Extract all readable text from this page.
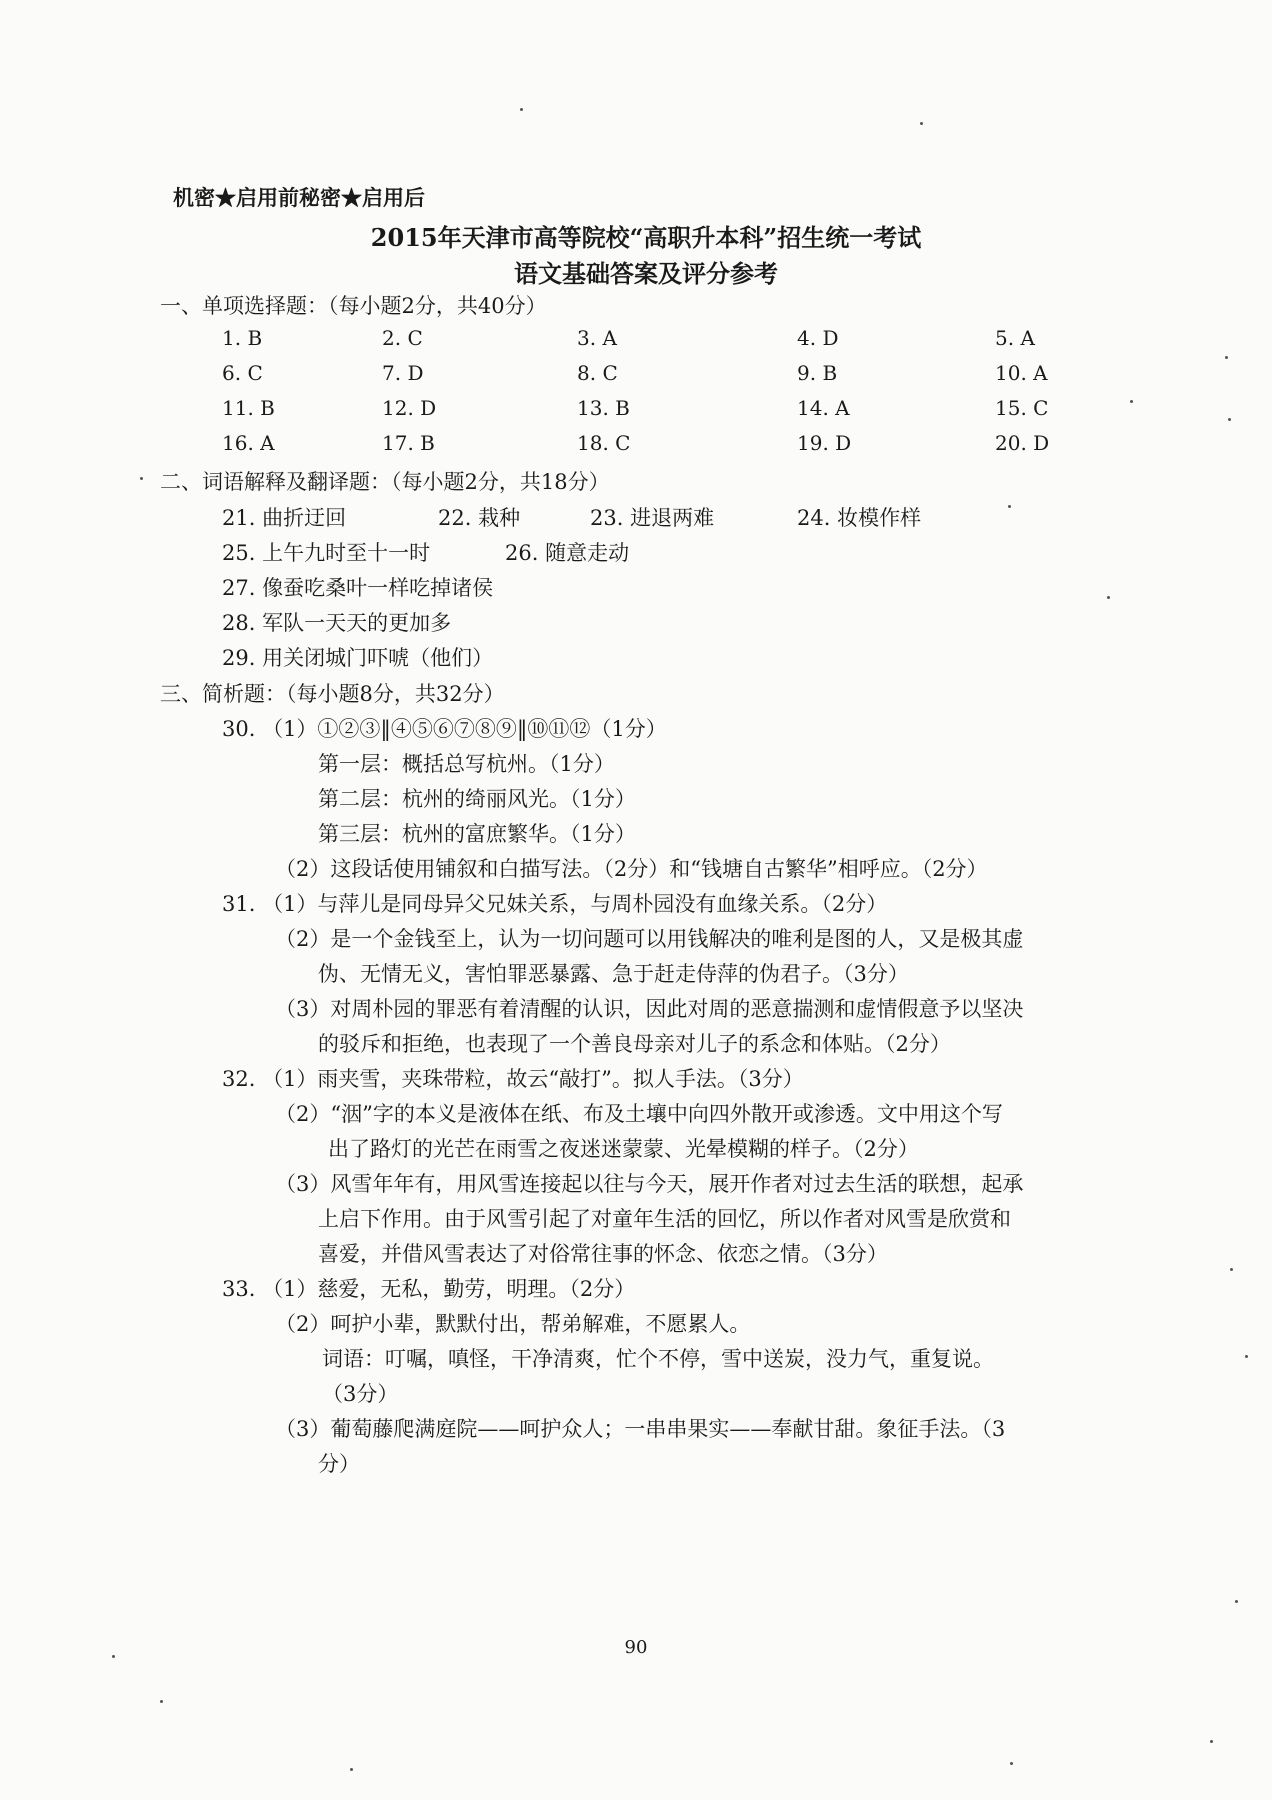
机密★启用前秘密★启用后
2015年天津市高等院校“高职升本科”招生统一考试
语文基础答案及评分参考
一、单项选择题：（每小题2分，共40分）
1. B	2. C	3. A	4. D	5. A
6. C	7. D	8. C	9. B	10. A
11. B	12. D	13. B	14. A	15. C
16. A	17. B	18. C	19. D	20. D
二、词语解释及翻译题：（每小题2分，共18分）
21. 曲折迂回	22. 栽种	23. 进退两难	24. 妆模作样
25. 上午九时至十一时	26. 随意走动
27. 像蚕吃桑叶一样吃掉诸侯
28. 军队一天天的更加多
29. 用关闭城门吓唬（他们）
三、简析题：（每小题8分，共32分）
30. （1）①②③‖④⑤⑥⑦⑧⑨‖⑩⑪⑫（1分）
第一层：概括总写杭州。（1分）
第二层：杭州的绮丽风光。（1分）
第三层：杭州的富庶繁华。（1分）
（2）这段话使用铺叙和白描写法。（2分）和“钱塘自古繁华”相呼应。（2分）
31. （1）与萍儿是同母异父兄妹关系，与周朴园没有血缘关系。（2分）
（2）是一个金钱至上，认为一切问题可以用钱解决的唯利是图的人，又是极其虚
伪、无情无义，害怕罪恶暴露、急于赶走侍萍的伪君子。（3分）
（3）对周朴园的罪恶有着清醒的认识，因此对周的恶意揣测和虚情假意予以坚决
的驳斥和拒绝，也表现了一个善良母亲对儿子的系念和体贴。（2分）
32. （1）雨夹雪，夹珠带粒，故云“敲打”。拟人手法。（3分）
（2）“洇”字的本义是液体在纸、布及土壤中向四外散开或渗透。文中用这个写
出了路灯的光芒在雨雪之夜迷迷蒙蒙、光晕模糊的样子。（2分）
（3）风雪年年有，用风雪连接起以往与今天，展开作者对过去生活的联想，起承
上启下作用。由于风雪引起了对童年生活的回忆，所以作者对风雪是欣赏和
喜爱，并借风雪表达了对俗常往事的怀念、依恋之情。（3分）
33. （1）慈爱，无私，勤劳，明理。（2分）
（2）呵护小辈，默默付出，帮弟解难，不愿累人。
词语：叮嘱，嗔怪，干净清爽，忙个不停，雪中送炭，没力气，重复说。
（3分）
（3）葡萄藤爬满庭院——呵护众人；一串串果实——奉献甘甜。象征手法。（3
分）
90
